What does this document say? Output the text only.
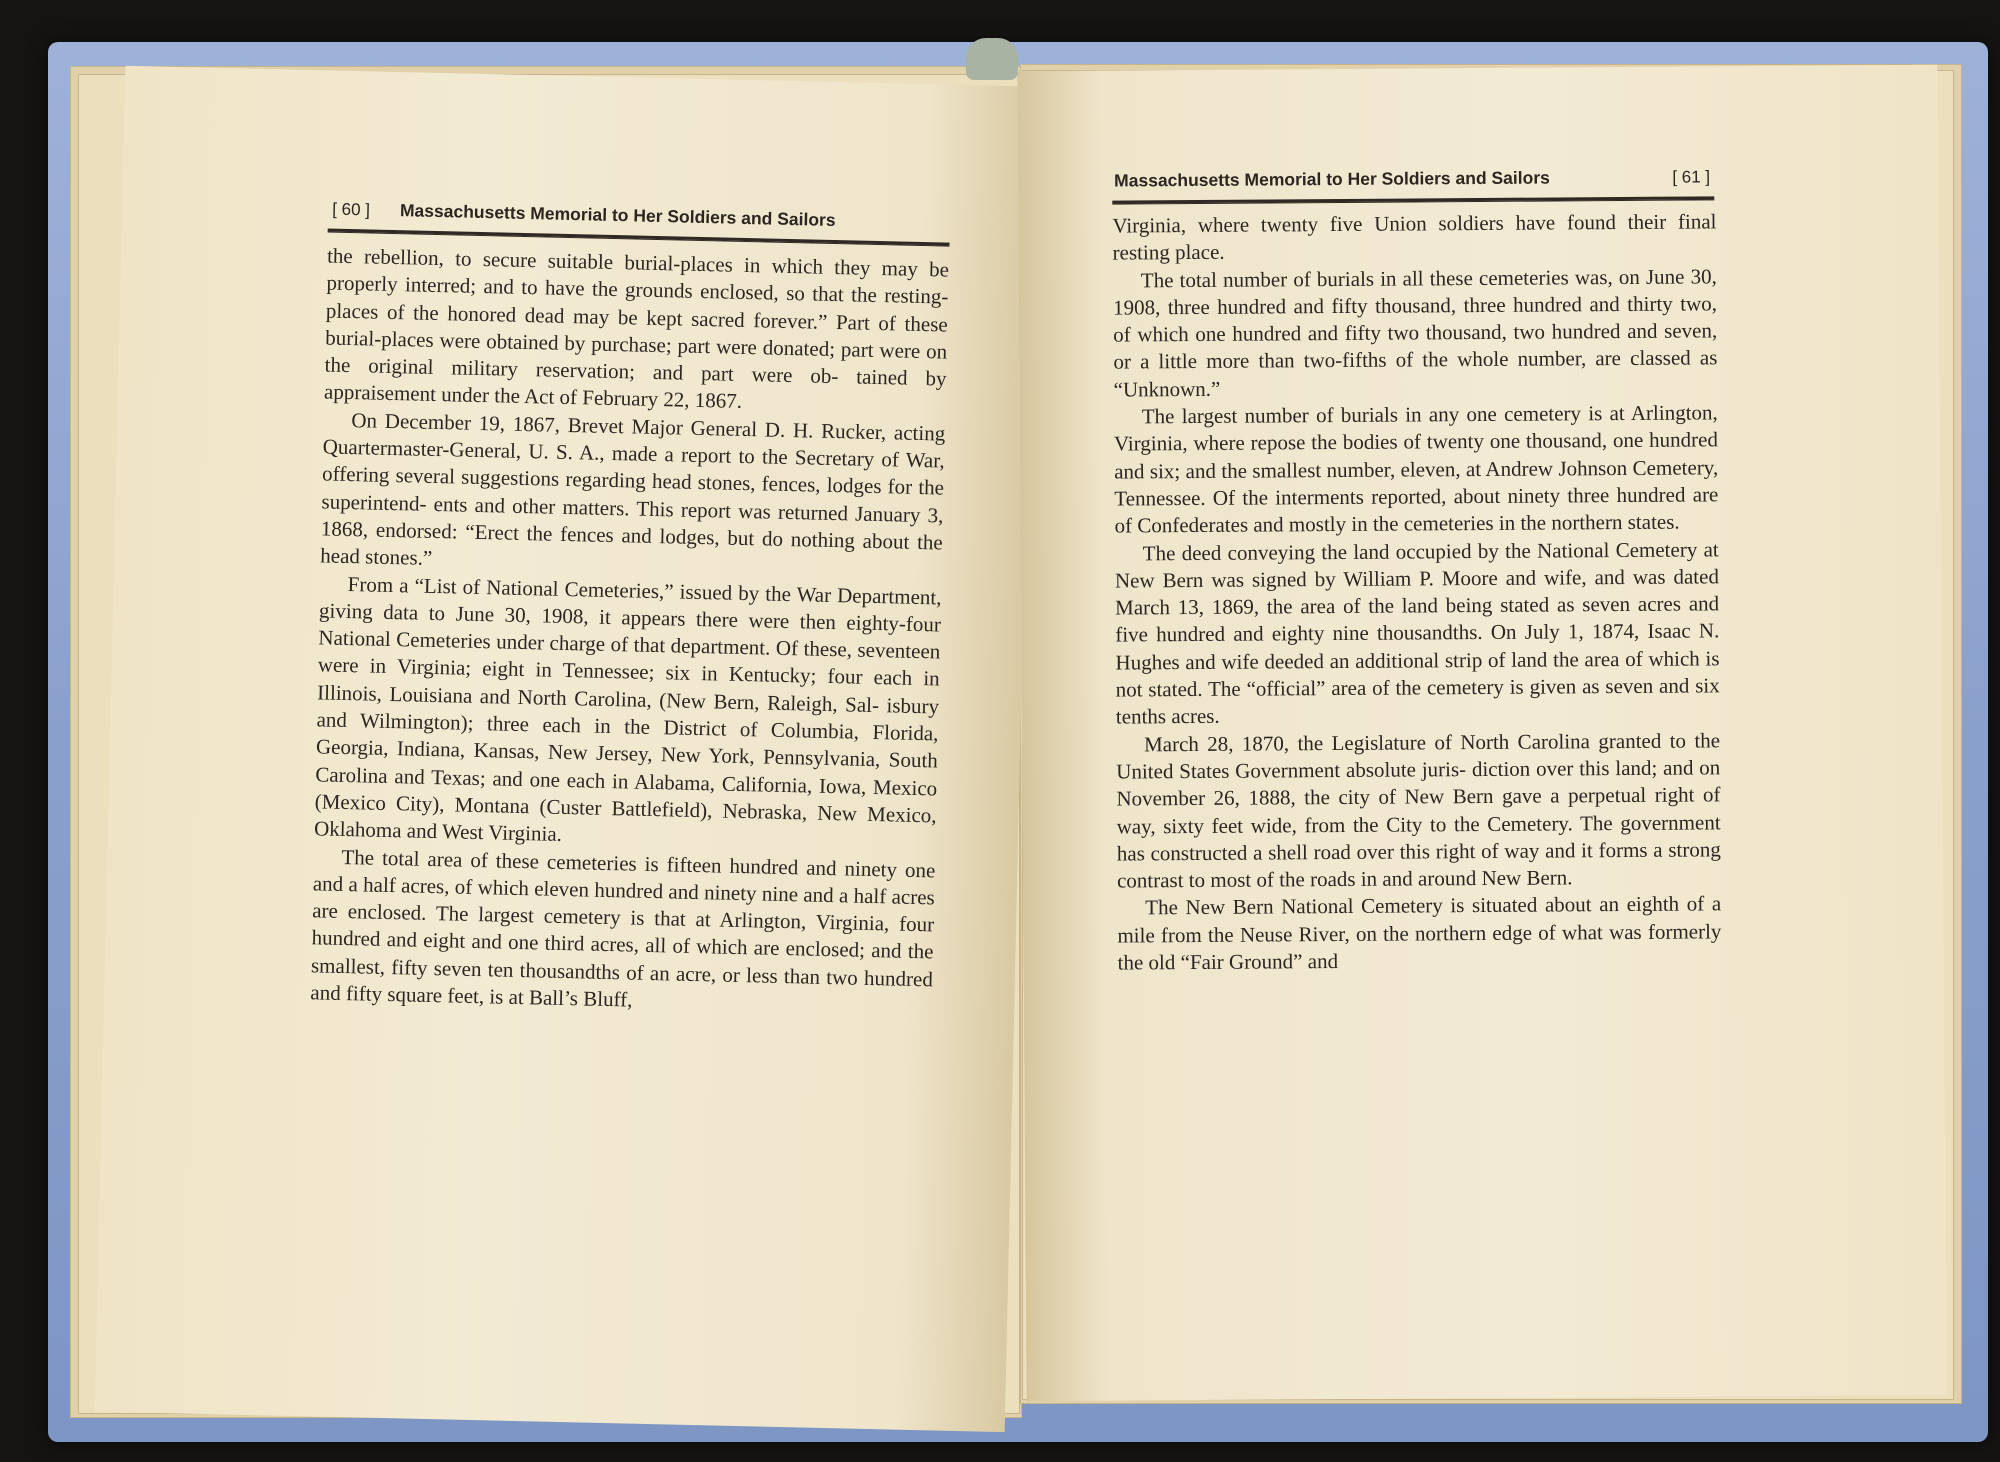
[ 60 ] Massachusetts Memorial to Her Soldiers and Sailors

the rebellion, to secure suitable burial-places in which they may be properly interred; and to have the grounds enclosed, so that the resting-places of the honored dead may be kept sacred forever.” Part of these burial-places were obtained by purchase; part were donated; part were on the original military reservation; and part were ob- tained by appraisement under the Act of February 22, 1867.

On December 19, 1867, Brevet Major General D. H. Rucker, acting Quartermaster-General, U. S. A., made a report to the Secretary of War, offering several suggestions regarding head stones, fences, lodges for the superintend- ents and other matters. This report was returned January 3, 1868, endorsed: “Erect the fences and lodges, but do nothing about the head stones.”

From a “List of National Cemeteries,” issued by the War Department, giving data to June 30, 1908, it appears there were then eighty-four National Cemeteries under charge of that department. Of these, seventeen were in Virginia; eight in Tennessee; six in Kentucky; four each in Illinois, Louisiana and North Carolina, (New Bern, Raleigh, Sal- isbury and Wilmington); three each in the District of Columbia, Florida, Georgia, Indiana, Kansas, New Jersey, New York, Pennsylvania, South Carolina and Texas; and one each in Alabama, California, Iowa, Mexico (Mexico City), Montana (Custer Battlefield), Nebraska, New Mexico, Oklahoma and West Virginia.

The total area of these cemeteries is fifteen hundred and ninety one and a half acres, of which eleven hundred and ninety nine and a half acres are enclosed. The largest cemetery is that at Arlington, Virginia, four hundred and eight and one third acres, all of which are enclosed; and the smallest, fifty seven ten thousandths of an acre, or less than two hundred and fifty square feet, is at Ball’s Bluff,

Massachusetts Memorial to Her Soldiers and Sailors	[ 61 ]

Virginia, where twenty five Union soldiers have found their final resting place.

The total number of burials in all these cemeteries was, on June 30, 1908, three hundred and fifty thousand, three hundred and thirty two, of which one hundred and fifty two thousand, two hundred and seven, or a little more than two-fifths of the whole number, are classed as “Unknown.”

The largest number of burials in any one cemetery is at Arlington, Virginia, where repose the bodies of twenty one thousand, one hundred and six; and the smallest number, eleven, at Andrew Johnson Cemetery, Tennessee. Of the interments reported, about ninety three hundred are of Confederates and mostly in the cemeteries in the northern states.

The deed conveying the land occupied by the National Cemetery at New Bern was signed by William P. Moore and wife, and was dated March 13, 1869, the area of the land being stated as seven acres and five hundred and eighty nine thousandths. On July 1, 1874, Isaac N. Hughes and wife deeded an additional strip of land the area of which is not stated. The “official” area of the cemetery is given as seven and six tenths acres.

March 28, 1870, the Legislature of North Carolina granted to the United States Government absolute juris- diction over this land; and on November 26, 1888, the city of New Bern gave a perpetual right of way, sixty feet wide, from the City to the Cemetery. The government has constructed a shell road over this right of way and it forms a strong contrast to most of the roads in and around New Bern.

The New Bern National Cemetery is situated about an eighth of a mile from the Neuse River, on the northern edge of what was formerly the old “Fair Ground” and
